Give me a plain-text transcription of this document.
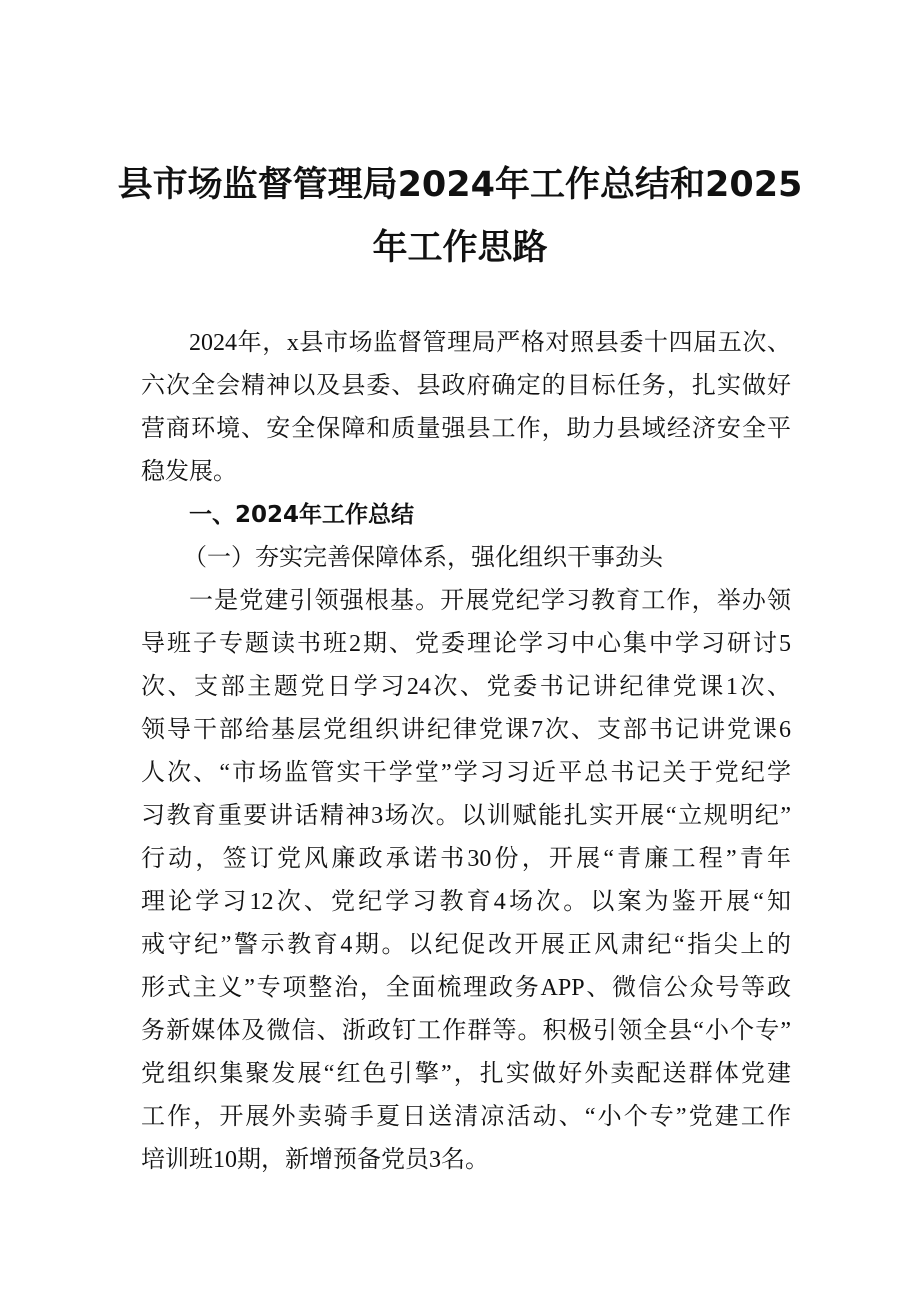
县市场监督管理局2024年工作总结和2025
年工作思路
2024年，x县市场监督管理局严格对照县委十四届五次、
六次全会精神以及县委、县政府确定的目标任务，扎实做好
营商环境、安全保障和质量强县工作，助力县域经济安全平
稳发展。
一、2024年工作总结
（一）夯实完善保障体系，强化组织干事劲头
一是党建引领强根基。开展党纪学习教育工作，举办领
导班子专题读书班2期、党委理论学习中心集中学习研讨5
次、支部主题党日学习24次、党委书记讲纪律党课1次、
领导干部给基层党组织讲纪律党课7次、支部书记讲党课6
人次、“市场监管实干学堂”学习习近平总书记关于党纪学
习教育重要讲话精神3场次。以训赋能扎实开展“立规明纪”
行动，签订党风廉政承诺书30份，开展“青廉工程”青年
理论学习12次、党纪学习教育4场次。以案为鉴开展“知
戒守纪”警示教育4期。以纪促改开展正风肃纪“指尖上的
形式主义”专项整治，全面梳理政务APP、微信公众号等政
务新媒体及微信、浙政钉工作群等。积极引领全县“小个专”
党组织集聚发展“红色引擎”，扎实做好外卖配送群体党建
工作，开展外卖骑手夏日送清凉活动、“小个专”党建工作
培训班10期，新增预备党员3名。
